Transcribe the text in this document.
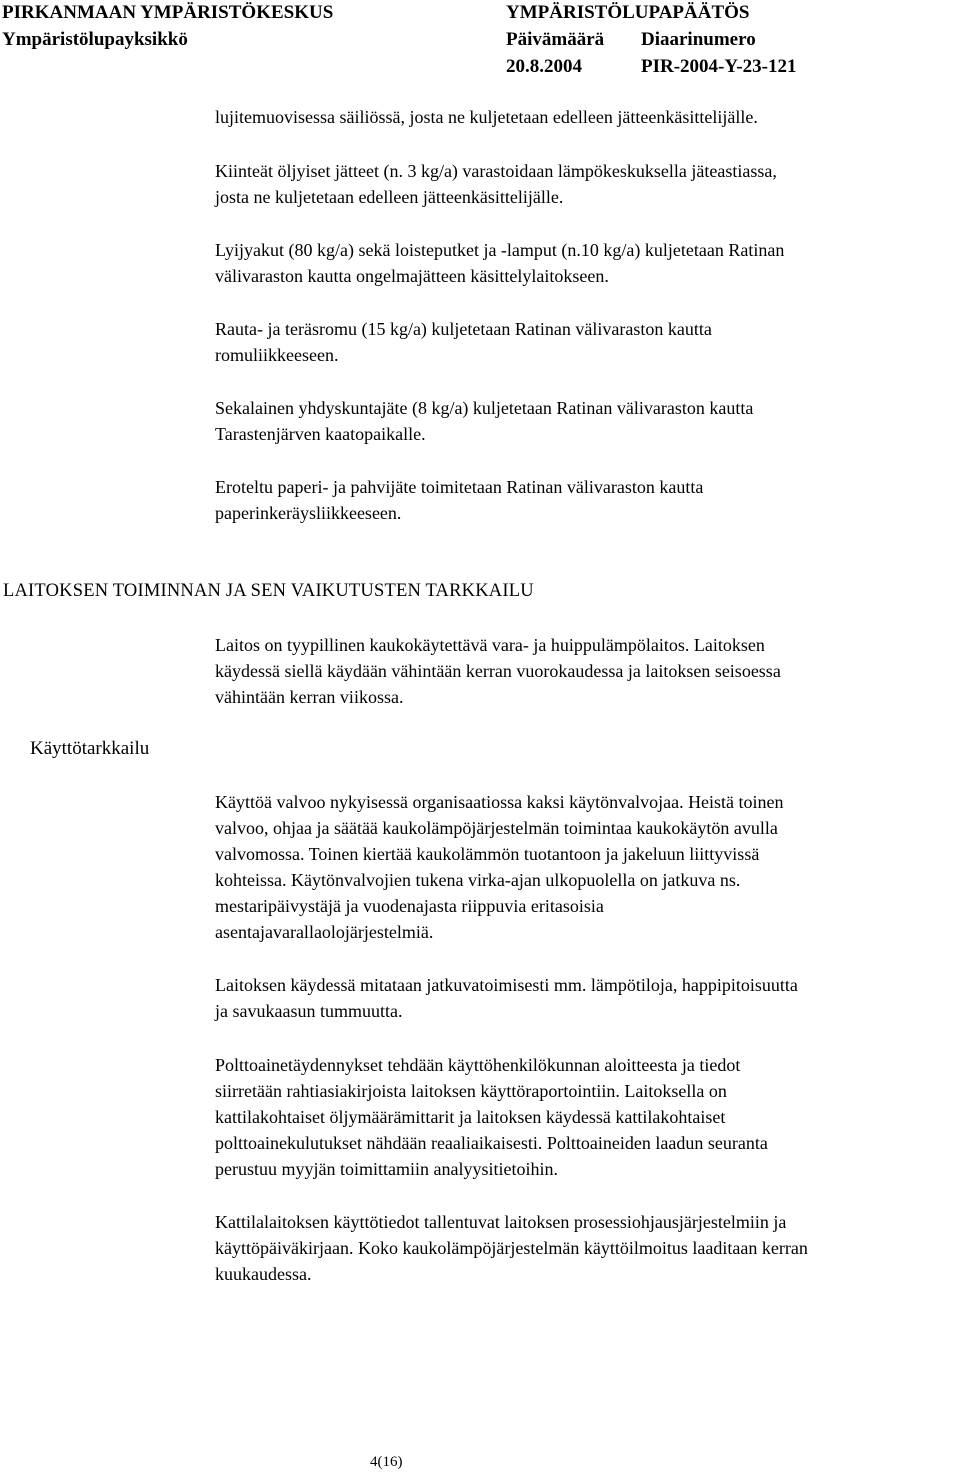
PIRKANMAAN YMPÄRISTÖKESKUS
Ympäristölupayksikkö
YMPÄRISTÖLUPAPÄÄTÖS
Päivämäärä Diaarinumero
20.8.2004	PIR-2004-Y-23-121

lujitemuovisessa säiliössä, josta ne kuljetetaan edelleen jätteenkäsittelijälle.

Kiinteät öljyiset jätteet (n. 3 kg/a) varastoidaan lämpökeskuksella jäteastiassa,
josta ne kuljetetaan edelleen jätteenkäsittelijälle.

Lyijyakut (80 kg/a) sekä loisteputket ja -lamput (n.10 kg/a) kuljetetaan Ratinan
välivaraston kautta ongelmajätteen käsittelylaitokseen.

Rauta- ja teräsromu (15 kg/a) kuljetetaan Ratinan välivaraston kautta
romuliikkeeseen.

Sekalainen yhdyskuntajäte (8 kg/a) kuljetetaan Ratinan välivaraston kautta
Tarastenjärven kaatopaikalle.

Eroteltu paperi- ja pahvijäte toimitetaan Ratinan välivaraston kautta
paperinkeräysliikkeeseen.

LAITOKSEN TOIMINNAN JA SEN VAIKUTUSTEN TARKKAILU
Käyttötarkkailu

Laitos on tyypillinen kaukokäytettävä vara- ja huippulämpölaitos. Laitoksen
käydessä siellä käydään vähintään kerran vuorokaudessa ja laitoksen seisoessa
vähintään kerran viikossa.

Käyttöä valvoo nykyisessä organisaatiossa kaksi käytönvalvojaa. Heistä toinen
valvoo, ohjaa ja säätää kaukolämpöjärjestelmän toimintaa kaukokäytön avulla
valvomossa. Toinen kiertää kaukolämmön tuotantoon ja jakeluun liittyvissä
kohteissa. Käytönvalvojien tukena virka-ajan ulkopuolella on jatkuva ns.
mestaripäivystäjä ja vuodenajasta riippuvia eritasoisia
asentajavarallaolojärjestelmiä.

Laitoksen käydessä mitataan jatkuvatoimisesti mm. lämpötiloja, happipitoisuutta
ja savukaasun tummuutta.

Polttoainetäydennykset tehdään käyttöhenkilökunnan aloitteesta ja tiedot
siirretään rahtiasiakirjoista laitoksen käyttöraportointiin. Laitoksella on
kattilakohtaiset öljymäärämittarit ja laitoksen käydessä kattilakohtaiset
polttoainekulutukset nähdään reaaliaikaisesti. Polttoaineiden laadun seuranta
perustuu myyjän toimittamiin analyysitietoihin.

Kattilalaitoksen käyttötiedot tallentuvat laitoksen prosessiohjausjärjestelmiin ja
käyttöpäiväkirjaan. Koko kaukolämpöjärjestelmän käyttöilmoitus laaditaan kerran
kuukaudessa.

4(16)
